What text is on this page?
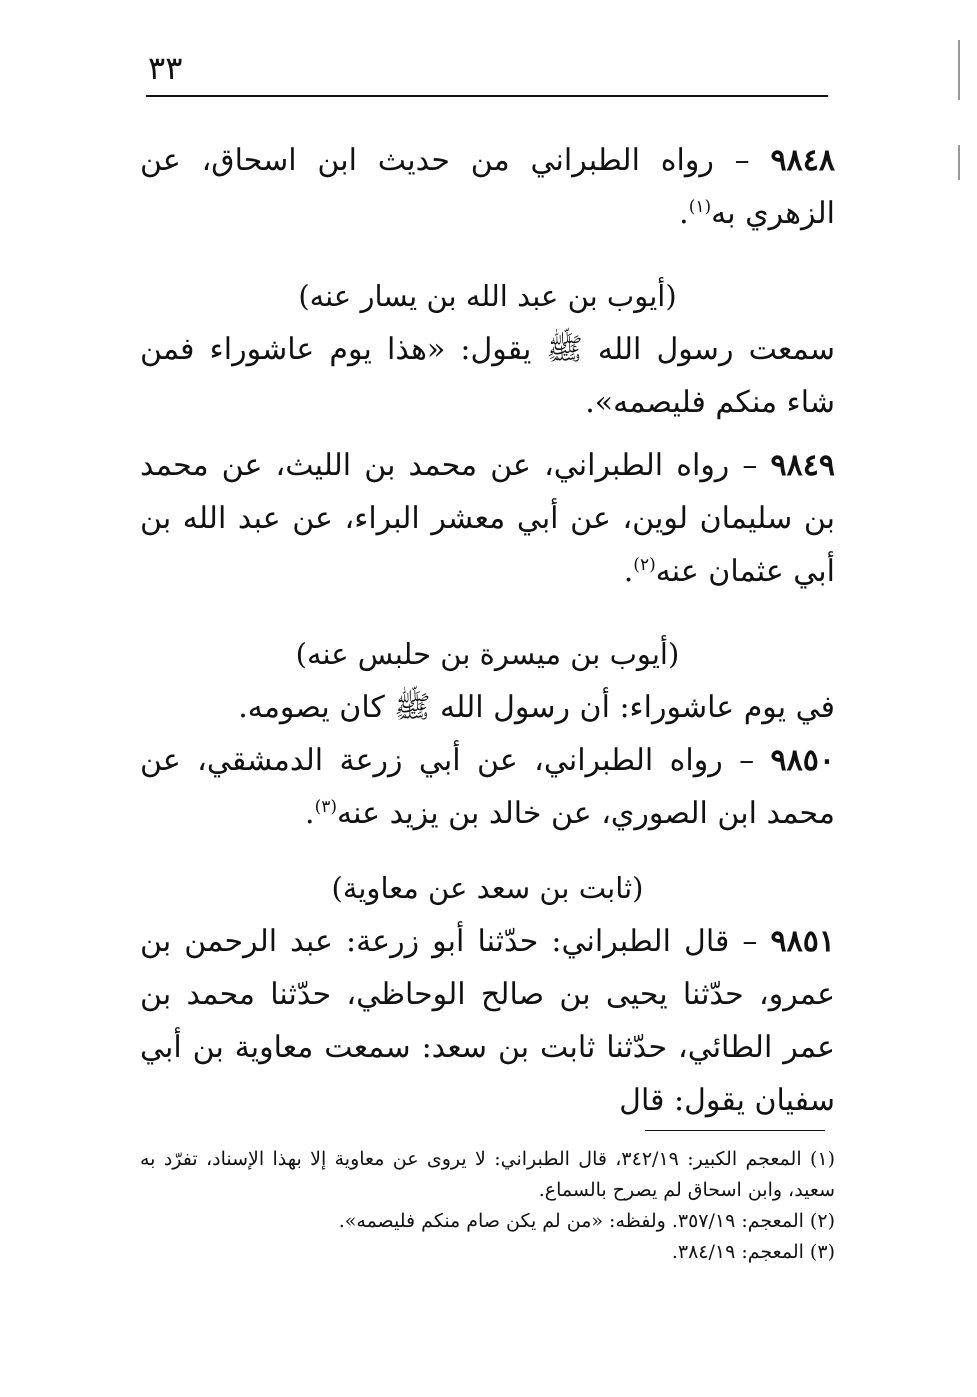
٣٣

٩٨٤٨ – رواه الطبراني من حديث ابن اسحاق، عن الزهري به$^{(١)}$.

(أيوب بن عبد الله بن يسار عنه)

سمعت رسول الله ﷺ يقول: «هذا يوم عاشوراء فمن شاء منكم فليصمه».

٩٨٤٩ – رواه الطبراني، عن محمد بن الليث، عن محمد بن سليمان لوين، عن أبي معشر البراء، عن عبد الله بن أبي عثمان عنه$^{(٢)}$.

(أيوب بن ميسرة بن حلبس عنه)

في يوم عاشوراء: أن رسول الله ﷺ كان يصومه.

٩٨٥٠ – رواه الطبراني، عن أبي زرعة الدمشقي، عن محمد ابن الصوري، عن خالد بن يزيد عنه$^{(٣)}$.

(ثابت بن سعد عن معاوية)

٩٨٥١ – قال الطبراني: حدّثنا أبو زرعة: عبد الرحمن بن عمرو، حدّثنا يحيى بن صالح الوحاظي، حدّثنا محمد بن عمر الطائي، حدّثنا ثابت بن سعد: سمعت معاوية بن أبي سفيان يقول: قال

(١) المعجم الكبير: ٣٤٢/١٩، قال الطبراني: لا يروى عن معاوية إلا بهذا الإسناد، تفرّد به سعيد، وابن اسحاق لم يصرح بالسماع.

(٢) المعجم: ٣٥٧/١٩. ولفظه: «من لم يكن صام منكم فليصمه».

(٣) المعجم: ٣٨٤/١٩.
